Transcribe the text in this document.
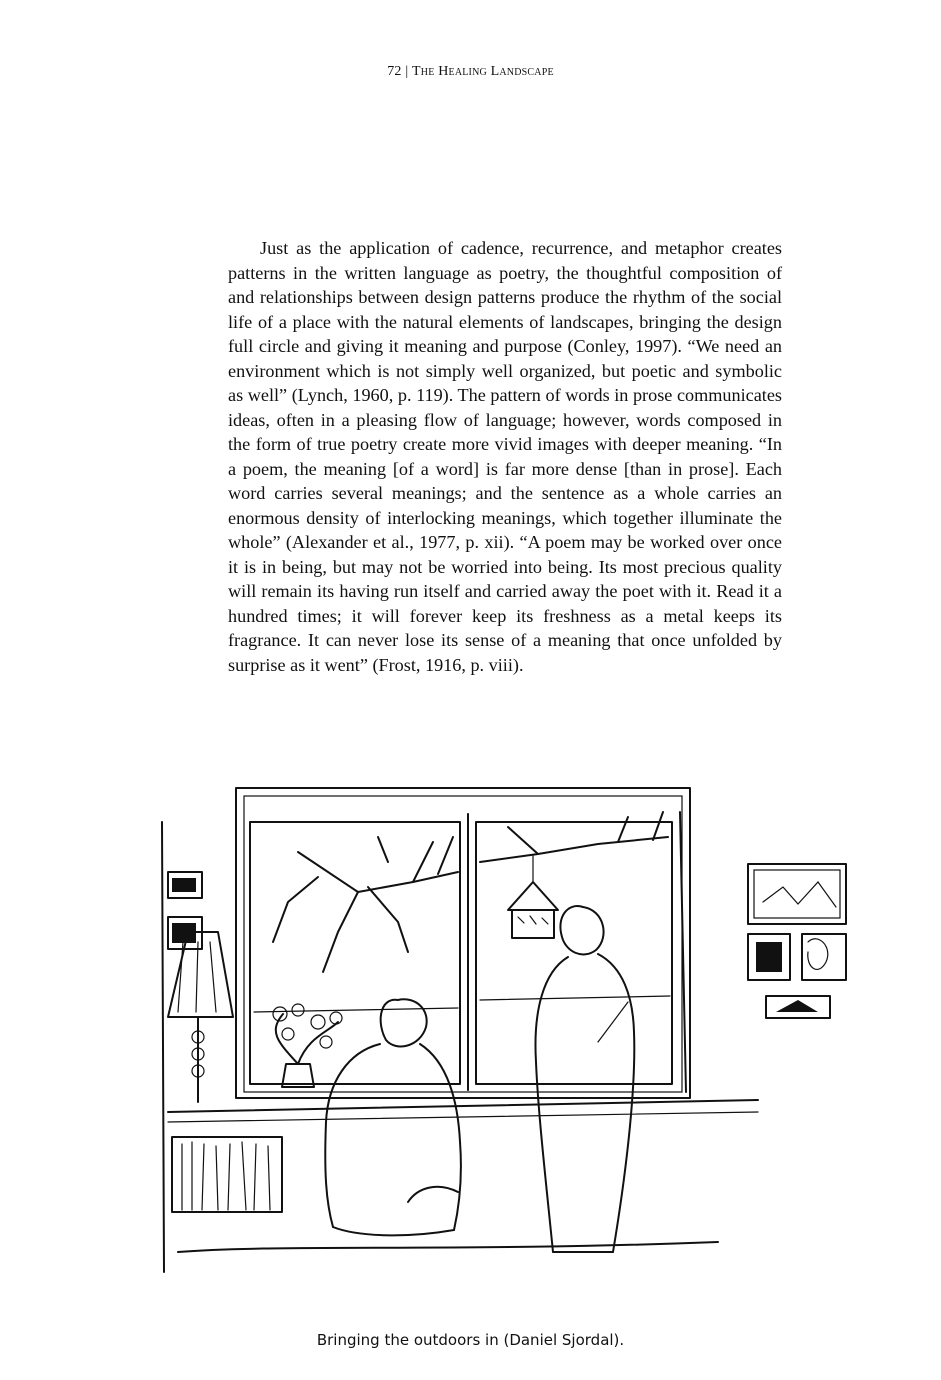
72 | The Healing Landscape

Just as the application of cadence, recurrence, and metaphor creates patterns in the written language as poetry, the thoughtful composition of and relationships between design patterns produce the rhythm of the social life of a place with the natural elements of landscapes, bringing the design full circle and giving it meaning and purpose (Conley, 1997). “We need an environment which is not simply well organized, but poetic and symbolic as well” (Lynch, 1960, p. 119). The pattern of words in prose communicates ideas, often in a pleasing flow of language; however, words composed in the form of true poetry create more vivid images with deeper meaning. “In a poem, the meaning [of a word] is far more dense [than in prose]. Each word carries several meanings; and the sentence as a whole carries an enormous density of interlocking meanings, which together illuminate the whole” (Alexander et al., 1977, p. xii). “A poem may be worked over once it is in being, but may not be worried into being. Its most precious quality will remain its having run itself and carried away the poet with it. Read it a hundred times; it will forever keep its freshness as a metal keeps its fragrance. It can never lose its sense of a meaning that once unfolded by surprise as it went” (Frost, 1916, p. viii).

Bringing the outdoors in (Daniel Sjordal).
